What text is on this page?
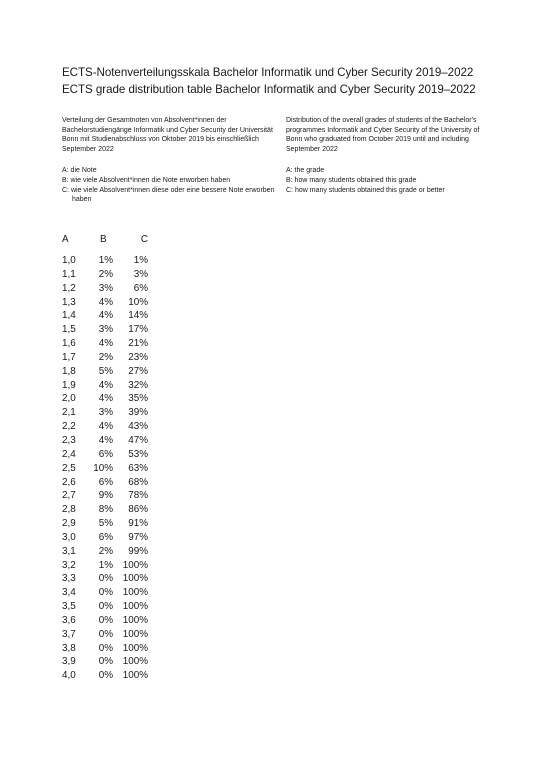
ECTS-Notenverteilungsskala Bachelor Informatik und Cyber Security 2019–2022
ECTS grade distribution table Bachelor Informatik and Cyber Security 2019–2022

Verteilung der Gesamtnoten von Absolvent*innen der Bachelorstudiengänge Informatik und Cyber Security der Universität Bonn mit Studienabschluss von Oktober 2019 bis einschließlich September 2022

A: die Note
B: wie viele Absolvent*innen die Note erworben haben
C: wie viele Absolvent*innen diese oder eine bessere Note erworben haben

Distribution of the overall grades of students of the Bachelor's programmes Informatik and Cyber Security of the University of Bonn who graduated from October 2019 until and including September 2022

A: the grade
B: how many students obtained this grade
C: how many students obtained this grade or better
A	B	C
1,0	1%	1%
1,1	2%	3%
1,2	3%	6%
1,3	4%	10%
1,4	4%	14%
1,5	3%	17%
1,6	4%	21%
1,7	2%	23%
1,8	5%	27%
1,9	4%	32%
2,0	4%	35%
2,1	3%	39%
2,2	4%	43%
2,3	4%	47%
2,4	6%	53%
2,5	10%	63%
2,6	6%	68%
2,7	9%	78%
2,8	8%	86%
2,9	5%	91%
3,0	6%	97%
3,1	2%	99%
3,2	1% 100%
3,3	0% 100%
3,4	0% 100%
3,5	0% 100%
3,6	0% 100%
3,7	0% 100%
3,8	0% 100%
3,9	0% 100%
4,0	0% 100%
